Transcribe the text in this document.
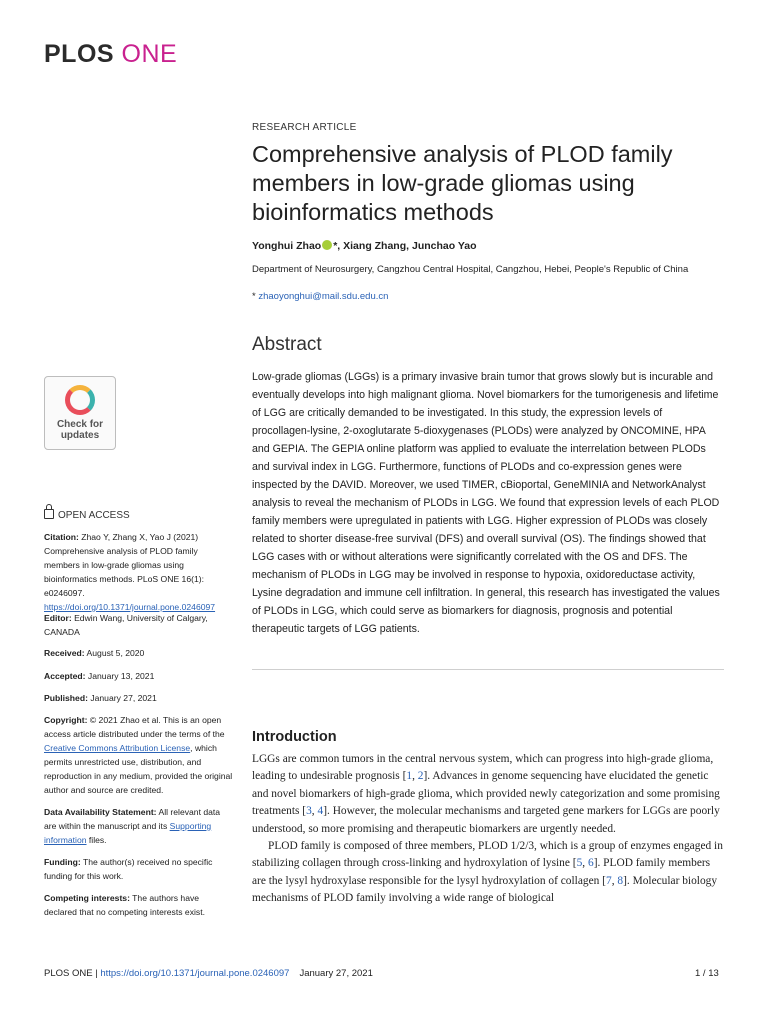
PLOS ONE
RESEARCH ARTICLE
Comprehensive analysis of PLOD family members in low-grade gliomas using bioinformatics methods
Yonghui Zhao *, Xiang Zhang, Junchao Yao
Department of Neurosurgery, Cangzhou Central Hospital, Cangzhou, Hebei, People's Republic of China
* zhaoyonghui@mail.sdu.edu.cn
Abstract
Low-grade gliomas (LGGs) is a primary invasive brain tumor that grows slowly but is incurable and eventually develops into high malignant glioma. Novel biomarkers for the tumorigenesis and lifetime of LGG are critically demanded to be investigated. In this study, the expression levels of procollagen-lysine, 2-oxoglutarate 5-dioxygenases (PLODs) were analyzed by ONCOMINE, HPA and GEPIA. The GEPIA online platform was applied to evaluate the interrelation between PLODs and survival index in LGG. Furthermore, functions of PLODs and co-expression genes were inspected by the DAVID. Moreover, we used TIMER, cBioportal, GeneMINIA and NetworkAnalyst analysis to reveal the mechanism of PLODs in LGG. We found that expression levels of each PLOD family members were upregulated in patients with LGG. Higher expression of PLODs was closely related to shorter disease-free survival (DFS) and overall survival (OS). The findings showed that LGG cases with or without alterations were significantly correlated with the OS and DFS. The mechanism of PLODs in LGG may be involved in response to hypoxia, oxidoreductase activity, Lysine degradation and immune cell infiltration. In general, this research has investigated the values of PLODs in LGG, which could serve as biomarkers for diagnosis, prognosis and potential therapeutic targets of LGG patients.
Check for
updates
OPEN ACCESS
Citation: Zhao Y, Zhang X, Yao J (2021) Comprehensive analysis of PLOD family members in low-grade gliomas using bioinformatics methods. PLoS ONE 16(1): e0246097. https://doi.org/10.1371/journal.pone.0246097
Editor: Edwin Wang, University of Calgary, CANADA
Received: August 5, 2020
Accepted: January 13, 2021
Published: January 27, 2021
Copyright: © 2021 Zhao et al. This is an open access article distributed under the terms of the Creative Commons Attribution License, which permits unrestricted use, distribution, and reproduction in any medium, provided the original author and source are credited.
Data Availability Statement: All relevant data are within the manuscript and its Supporting information files.
Funding: The author(s) received no specific funding for this work.
Competing interests: The authors have declared that no competing interests exist.
Introduction

LGGs are common tumors in the central nervous system, which can progress into high-grade glioma, leading to undesirable prognosis [1, 2]. Advances in genome sequencing have elucidated the genetic and novel biomarkers of high-grade glioma, which provided newly categorization and some promising treatments [3, 4]. However, the molecular mechanisms and targeted gene markers for LGGs are poorly understood, so more promising and therapeutic biomarkers are urgently needed.

PLOD family is composed of three members, PLOD 1/2/3, which is a group of enzymes engaged in stabilizing collagen through cross-linking and hydroxylation of lysine [5, 6]. PLOD family members are the lysyl hydroxylase responsible for the lysyl hydroxylation of collagen [7, 8]. Molecular biology mechanisms of PLOD family involving a wide range of biological

PLOS ONE | https://doi.org/10.1371/journal.pone.0246097 January 27, 2021	1 / 13
